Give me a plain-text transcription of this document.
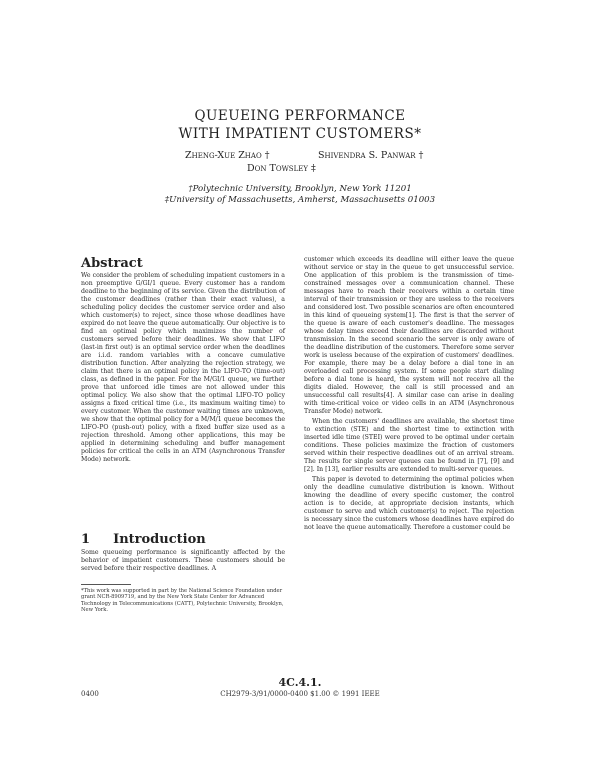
QUEUEING PERFORMANCE
WITH IMPATIENT CUSTOMERS*
Zheng-Xue Zhao †	Shivendra S. Panwar †
Don Towsley ‡
†Polytechnic University, Brooklyn, New York 11201
‡University of Massachusetts, Amherst, Massachusetts 01003
Abstract

We consider the problem of scheduling impatient customers in a non preemptive G/GI/1 queue. Every customer has a random deadline to the beginning of its service. Given the distribution of the customer deadlines (rather than their exact values), a scheduling policy decides the customer service order and also which customer(s) to reject, since those whose deadlines have expired do not leave the queue automatically. Our objective is to find an optimal policy which maximizes the number of customers served before their deadlines. We show that LIFO (last-in first out) is an optimal service order when the deadlines are i.i.d. random variables with a concave cumulative distribution function. After analyzing the rejection strategy, we claim that there is an optimal policy in the LIFO-TO (time-out) class, as defined in the paper. For the M/GI/1 queue, we further prove that unforced idle times are not allowed under this optimal policy. We also show that the optimal LIFO-TO policy assigns a fixed critical time (i.e., its maximum waiting time) to every customer. When the customer waiting times are unknown, we show that the optimal policy for a M/M/1 queue becomes the LIFO-PO (push-out) policy, with a fixed buffer size used as a rejection threshold. Among other applications, this may be applied in determining scheduling and buffer management policies for critical the cells in an ATM (Asynchronous Transfer Mode) network.

1 Introduction

Some queueing performance is significantly affected by the behavior of impatient customers. These customers should be served before their respective deadlines. A

*This work was supported in part by the National Science Foundation under grant NCR-8909719, and by the New York State Center for Advanced Technology in Telecommunications (CATT), Polytechnic University, Brooklyn, New York.

customer which exceeds its deadline will either leave the queue without service or stay in the queue to get unsuccessful service. One application of this problem is the transmission of time-constrained messages over a communication channel. These messages have to reach their receivers within a certain time interval of their transmission or they are useless to the receivers and considered lost. Two possible scenarios are often encountered in this kind of queueing system[1]. The first is that the server of the queue is aware of each customer's deadline. The messages whose delay times exceed their deadlines are discarded without transmission. In the second scenario the server is only aware of the deadline distribution of the customers. Therefore some server work is useless because of the expiration of customers' deadlines. For example, there may be a delay before a dial tone in an overloaded call processing system. If some people start dialing before a dial tone is heard, the system will not receive all the digits dialed. However, the call is still processed and an unsuccessful call results[4]. A similar case can arise in dealing with time-critical voice or video cells in an ATM (Asynchronous Transfer Mode) network.

When the customers' deadlines are available, the shortest time to extinction (STE) and the shortest time to extinction with inserted idle time (STEI) were proved to be optimal under certain conditions. These policies maximize the fraction of customers served within their respective deadlines out of an arrival stream. The results for single server queues can be found in [7], [9] and [2]. In [13], earlier results are extended to multi-server queues.

This paper is devoted to determining the optimal policies when only the deadline cumulative distribution is known. Without knowing the deadline of every specific customer, the control action is to decide, at appropriate decision instants, which customer to serve and which customer(s) to reject. The rejection is necessary since the customers whose deadlines have expired do not leave the queue automatically. Therefore a customer could be

4C.4.1.
0400	CH2979-3/91/0000-0400 $1.00 © 1991 IEEE
